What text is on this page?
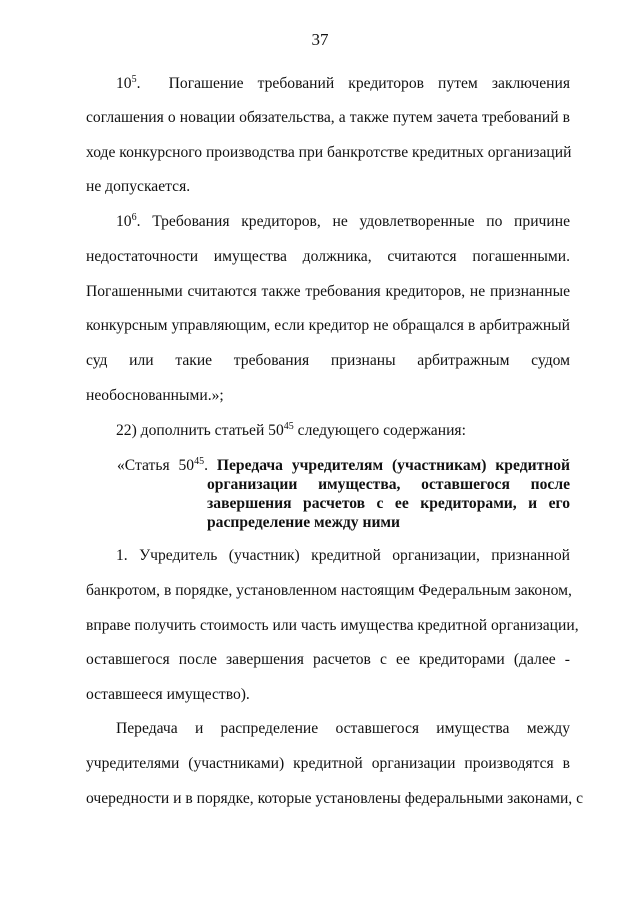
37
$10^5$. Погашение требований кредиторов путем заключения
соглашения о новации обязательства, а также путем зачета требований в
ходе конкурсного производства при банкротстве кредитных организаций
не допускается.
$10^6$. Требования кредиторов, не удовлетворенные по причине
недостаточности имущества должника, считаются погашенными.
Погашенными считаются также требования кредиторов, не признанные
конкурсным управляющим, если кредитор не обращался в арбитражный
суд или такие требования признаны арбитражным судом
необоснованными.»;
22) дополнить статьей $50^{45}$ следующего содержания:
«Статья $50^{45}$. Передача учредителям (участникам) кредитной
организации имущества, оставшегося после
завершения расчетов с ее кредиторами, и его
распределение между ними
1. Учредитель (участник) кредитной организации, признанной
банкротом, в порядке, установленном настоящим Федеральным законом,
вправе получить стоимость или часть имущества кредитной организации,
оставшегося после завершения расчетов с ее кредиторами (далее -
оставшееся имущество).
Передача и распределение оставшегося имущества между
учредителями (участниками) кредитной организации производятся в
очередности и в порядке, которые установлены федеральными законами, с
